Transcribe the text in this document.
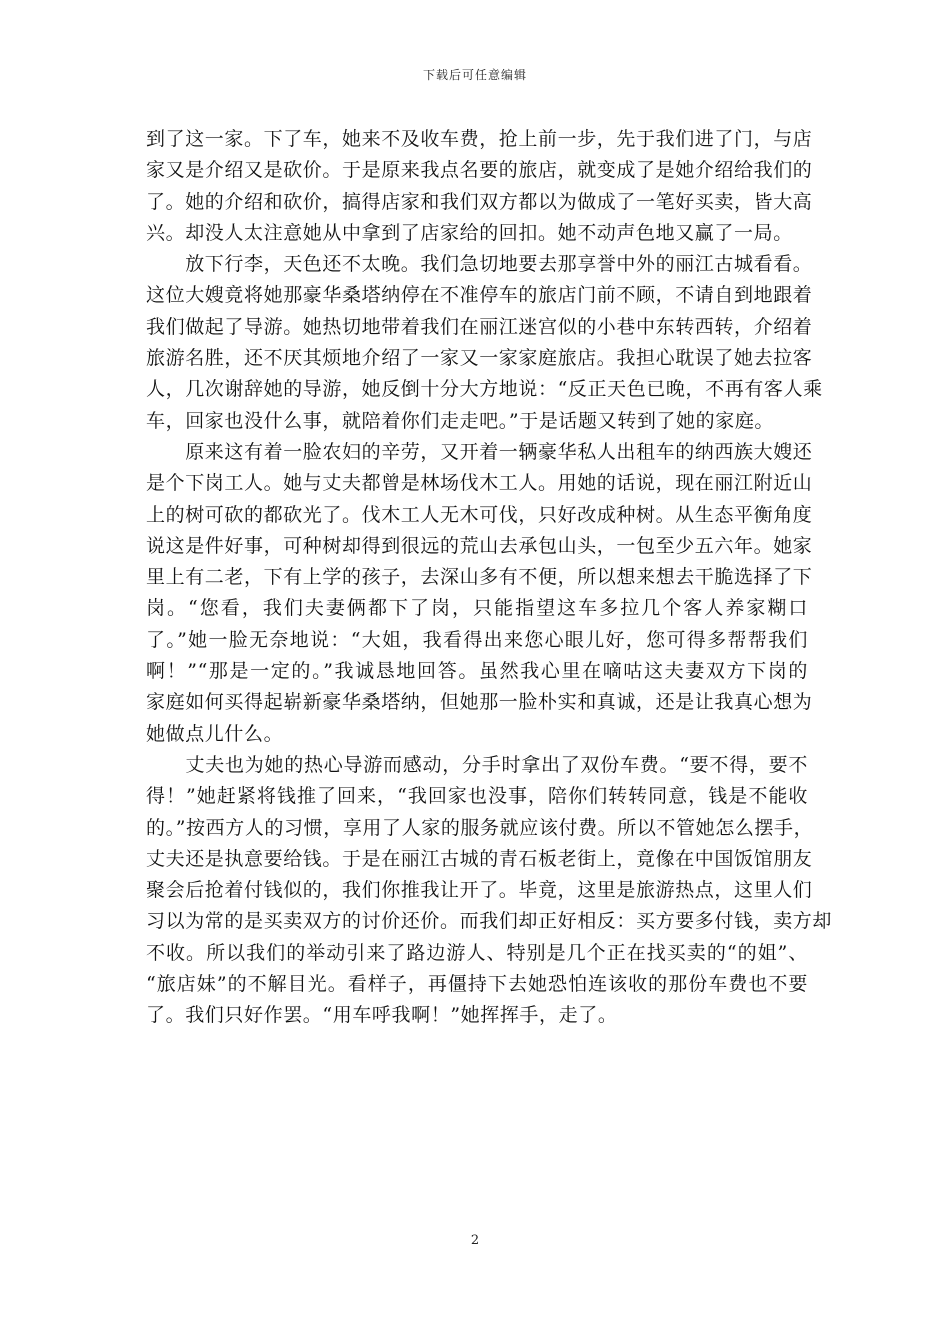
下载后可任意编辑
到了这一家。下了车，她来不及收车费，抢上前一步，先于我们进了门，与店
家又是介绍又是砍价。于是原来我点名要的旅店，就变成了是她介绍给我们的
了。她的介绍和砍价，搞得店家和我们双方都以为做成了一笔好买卖，皆大高
兴。却没人太注意她从中拿到了店家给的回扣。她不动声色地又赢了一局。
　　放下行李，天色还不太晚。我们急切地要去那享誉中外的丽江古城看看。
这位大嫂竟将她那豪华桑塔纳停在不准停车的旅店门前不顾，不请自到地跟着
我们做起了导游。她热切地带着我们在丽江迷宫似的小巷中东转西转，介绍着
旅游名胜，还不厌其烦地介绍了一家又一家家庭旅店。我担心耽误了她去拉客
人，几次谢辞她的导游，她反倒十分大方地说：“反正天色已晚，不再有客人乘
车，回家也没什么事，就陪着你们走走吧。”于是话题又转到了她的家庭。
　　原来这有着一脸农妇的辛劳，又开着一辆豪华私人出租车的纳西族大嫂还
是个下岗工人。她与丈夫都曾是林场伐木工人。用她的话说，现在丽江附近山
上的树可砍的都砍光了。伐木工人无木可伐，只好改成种树。从生态平衡角度
说这是件好事，可种树却得到很远的荒山去承包山头，一包至少五六年。她家
里上有二老，下有上学的孩子，去深山多有不便，所以想来想去干脆选择了下
岗。“您看，我们夫妻俩都下了岗，只能指望这车多拉几个客人养家糊口
了。”她一脸无奈地说：“大姐，我看得出来您心眼儿好，您可得多帮帮我们
啊！”“那是一定的。”我诚恳地回答。虽然我心里在嘀咕这夫妻双方下岗的
家庭如何买得起崭新豪华桑塔纳，但她那一脸朴实和真诚，还是让我真心想为
她做点儿什么。
　　丈夫也为她的热心导游而感动，分手时拿出了双份车费。“要不得，要不
得！”她赶紧将钱推了回来，“我回家也没事，陪你们转转同意，钱是不能收
的。”按西方人的习惯，享用了人家的服务就应该付费。所以不管她怎么摆手，
丈夫还是执意要给钱。于是在丽江古城的青石板老街上，竟像在中国饭馆朋友
聚会后抢着付钱似的，我们你推我让开了。毕竟，这里是旅游热点，这里人们
习以为常的是买卖双方的讨价还价。而我们却正好相反：买方要多付钱，卖方却
不收。所以我们的举动引来了路边游人、特别是几个正在找买卖的“的姐”、
“旅店妹”的不解目光。看样子，再僵持下去她恐怕连该收的那份车费也不要
了。我们只好作罢。“用车呼我啊！”她挥挥手，走了。
2
